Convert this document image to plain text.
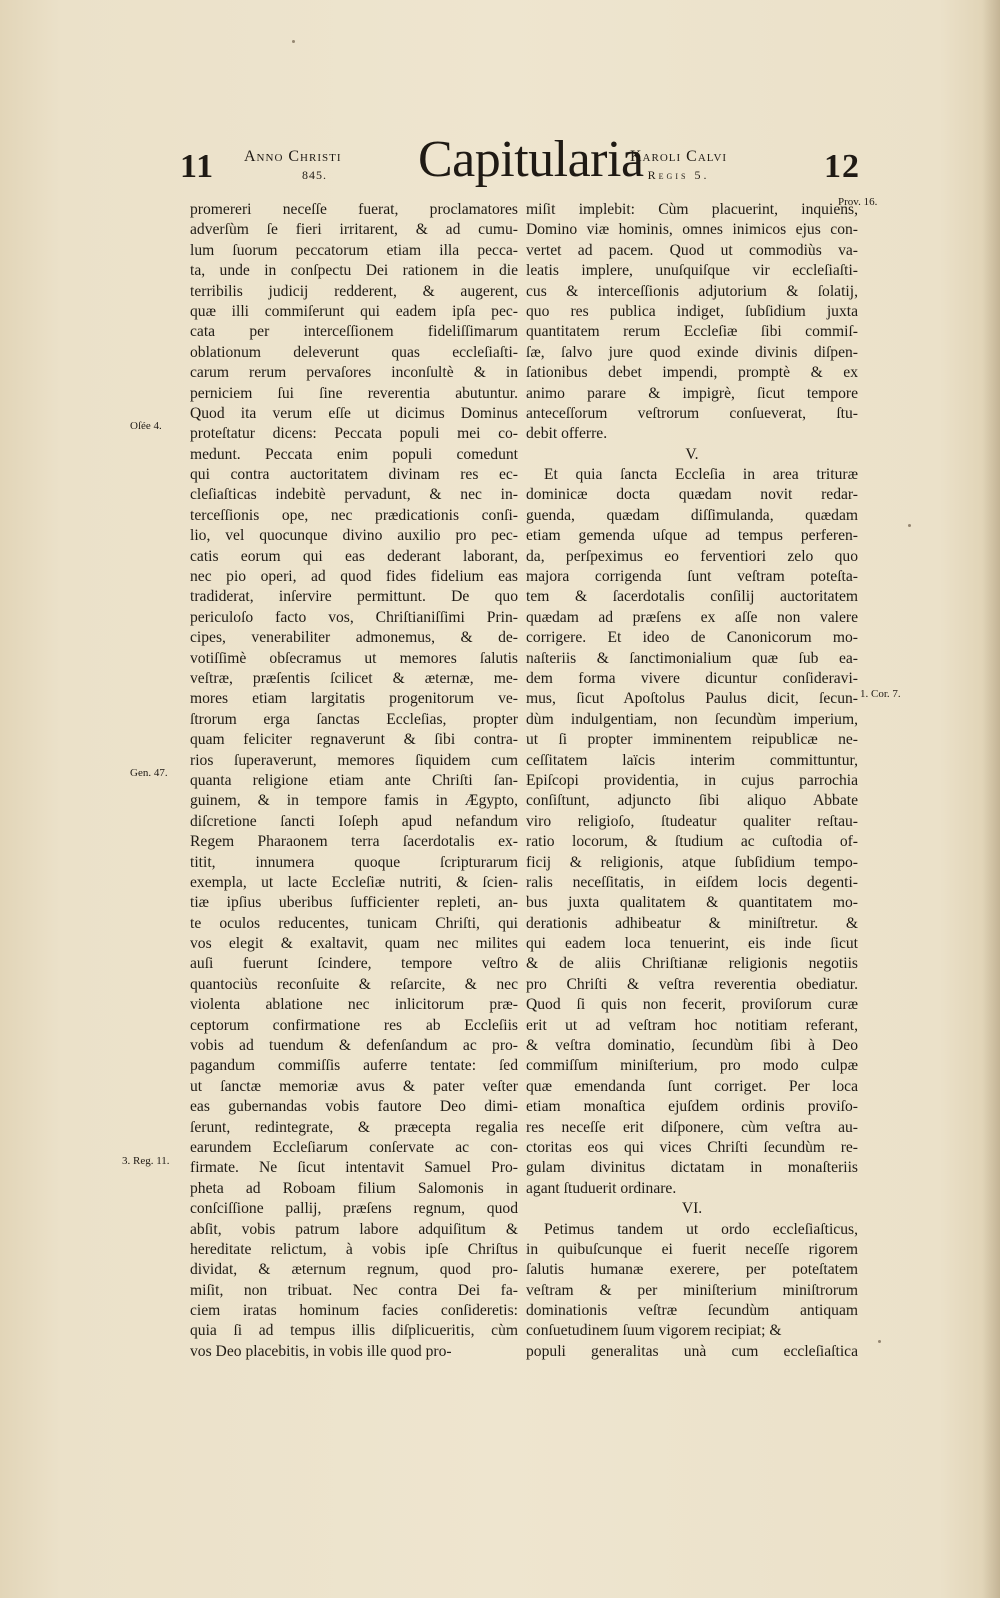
11 Anno Christi
845. Capitularia
Karoli Calvi
Regis 5.	12
promereri neceſſe fuerat, proclamatores
adverſùm ſe fieri irritarent, & ad cumu-
lum ſuorum peccatorum etiam illa pecca-
ta, unde in conſpectu Dei rationem in die
terribilis judicij redderent, & augerent,
quæ illi commiſerunt qui eadem ipſa pec-
cata per interceſſionem fideliſſimarum
oblationum deleverunt quas eccleſiaſti-
carum rerum pervaſores inconſultè & in
perniciem ſui ſine reverentia abutuntur.
Quod ita verum eſſe ut dicimus Dominus
proteſtatur dicens: Peccata populi mei co-
medunt. Peccata enim populi comedunt
qui contra auctoritatem divinam res ec-
cleſiaſticas indebitè pervadunt, & nec in-
terceſſionis ope, nec prædicationis conſi-
lio, vel quocunque divino auxilio pro pec-
catis eorum qui eas dederant laborant,
nec pio operi, ad quod fides fidelium eas
tradiderat, inſervire permittunt. De quo
periculoſo facto vos, Chriſtianiſſimi Prin-
cipes, venerabiliter admonemus, & de-
votiſſimè obſecramus ut memores ſalutis
veſtræ, præſentis ſcilicet & æternæ, me-
mores etiam largitatis progenitorum ve-
ſtrorum erga ſanctas Eccleſias, propter
quam feliciter regnaverunt & ſibi contra-
rios ſuperaverunt, memores ſiquidem cum
quanta religione etiam ante Chriſti ſan-
guinem, & in tempore famis in Ægypto,
diſcretione ſancti Ioſeph apud nefandum
Regem Pharaonem terra ſacerdotalis ex-
titit, innumera quoque ſcripturarum
exempla, ut lacte Eccleſiæ nutriti, & ſcien-
tiæ ipſius uberibus ſufficienter repleti, an-
te oculos reducentes, tunicam Chriſti, qui
vos elegit & exaltavit, quam nec milites
auſi fuerunt ſcindere, tempore veſtro
quantociùs reconſuite & reſarcite, & nec
violenta ablatione nec inlicitorum præ-
ceptorum confirmatione res ab Eccleſiis
vobis ad tuendum & defenſandum ac pro-
pagandum commiſſis auferre tentate: ſed
ut ſanctæ memoriæ avus & pater veſter
eas gubernandas vobis fautore Deo dimi-
ſerunt, redintegrate, & præcepta regalia
earundem Eccleſiarum conſervate ac con-
firmate. Ne ſicut intentavit Samuel Pro-
pheta ad Roboam filium Salomonis in
conſciſſione pallij, præſens regnum, quod
abſit, vobis patrum labore adquiſitum &
hereditate relictum, à vobis ipſe Chriſtus
dividat, & æternum regnum, quod pro-
miſit, non tribuat. Nec contra Dei fa-
ciem iratas hominum facies conſideretis:
quia ſi ad tempus illis diſplicueritis, cùm
vos Deo placebitis, in vobis ille quod pro-
miſit implebit: Cùm placuerint, inquiens,
Domino viæ hominis, omnes inimicos ejus con-
vertet ad pacem. Quod ut commodiùs va-
leatis implere, unuſquiſque vir eccleſiaſti-
cus & interceſſionis adjutorium & ſolatij,
quo res publica indiget, ſubſidium juxta
quantitatem rerum Eccleſiæ ſibi commiſ-
ſæ, ſalvo jure quod exinde divinis diſpen-
ſationibus debet impendi, promptè & ex
animo parare & impigrè, ſicut tempore
anteceſſorum veſtrorum conſueverat, ſtu-
debit offerre.
V.
Et quia ſancta Eccleſia in area trituræ
dominicæ docta quædam novit redar-
guenda, quædam diſſimulanda, quædam
etiam gemenda uſque ad tempus perferen-
da, perſpeximus eo ferventiori zelo quo
majora corrigenda ſunt veſtram poteſta-
tem & ſacerdotalis conſilij auctoritatem
quædam ad præſens ex aſſe non valere
corrigere. Et ideo de Canonicorum mo-
naſteriis & ſanctimonialium quæ ſub ea-
dem forma vivere dicuntur conſideravi-
mus, ſicut Apoſtolus Paulus dicit, ſecun-
dùm indulgentiam, non ſecundùm imperium,
ut ſi propter imminentem reipublicæ ne-
ceſſitatem laïcis interim committuntur,
Epiſcopi providentia, in cujus parrochia
conſiſtunt, adjuncto ſibi aliquo Abbate
viro religioſo, ſtudeatur qualiter reſtau-
ratio locorum, & ſtudium ac cuſtodia of-
ficij & religionis, atque ſubſidium tempo-
ralis neceſſitatis, in eiſdem locis degenti-
bus juxta qualitatem & quantitatem mo-
derationis adhibeatur & miniſtretur. &
qui eadem loca tenuerint, eis inde ſicut
& de aliis Chriſtianæ religionis negotiis
pro Chriſti & veſtra reverentia obediatur.
Quod ſi quis non fecerit, proviſorum curæ
erit ut ad veſtram hoc notitiam referant,
& veſtra dominatio, ſecundùm ſibi à Deo
commiſſum miniſterium, pro modo culpæ
quæ emendanda ſunt corriget. Per loca
etiam monaſtica ejuſdem ordinis proviſo-
res neceſſe erit diſponere, cùm veſtra au-
ctoritas eos qui vices Chriſti ſecundùm re-
gulam divinitus dictatam in monaſteriis
agant ſtuduerit ordinare.
VI.
Petimus tandem ut ordo eccleſiaſticus,
in quibuſcunque ei fuerit neceſſe rigorem
ſalutis humanæ exerere, per poteſtatem
veſtram & per miniſterium miniſtrorum
dominationis veſtræ ſecundùm antiquam
conſuetudinem ſuum vigorem recipiat; &
populi generalitas unà cum eccleſiaſtica
Oſée 4.
Gen. 47.
3. Reg. 11.
Prov. 16.
1. Cor. 7.
